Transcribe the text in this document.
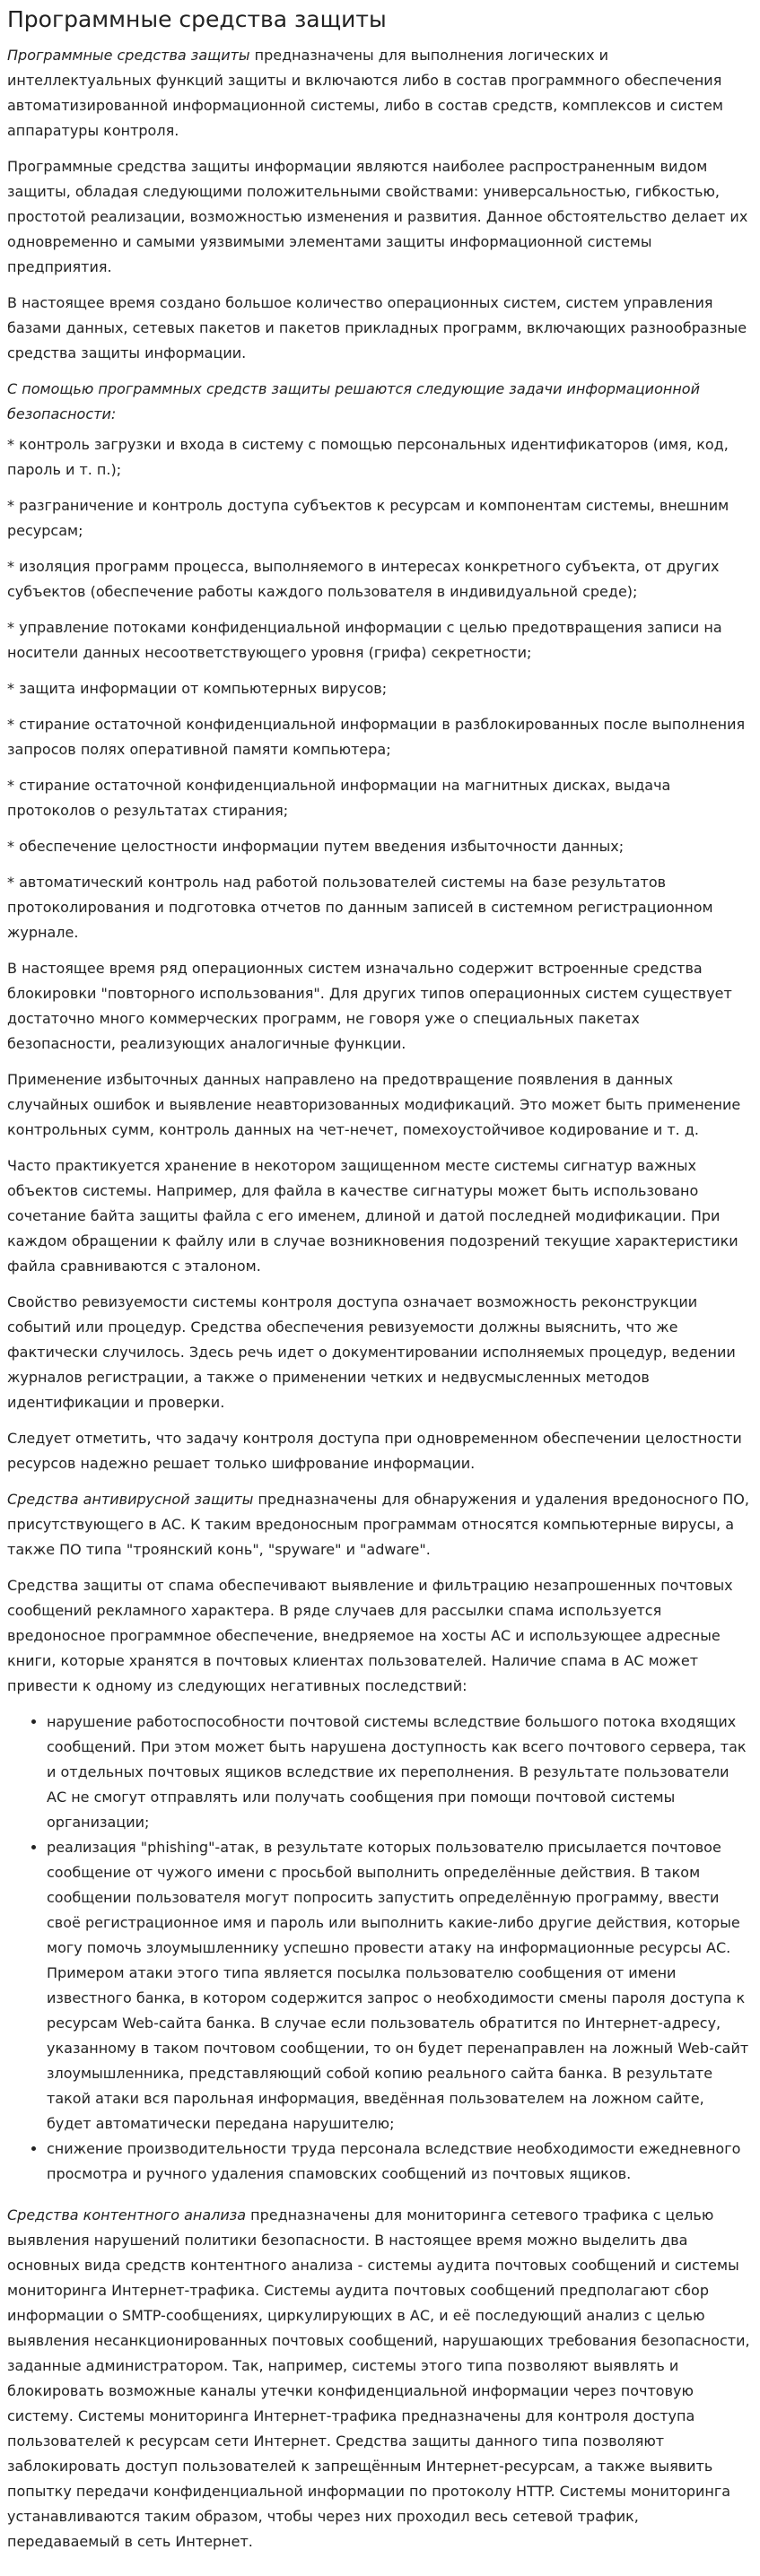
Программные средства защиты

Программные средства защиты предназначены для выполнения логических и интеллектуальных функций защиты и включаются либо в состав программного обеспечения автоматизированной информационной системы, либо в состав средств, комплексов и систем аппаратуры контроля.

Программные средства защиты информации являются наиболее распространенным видом защиты, обладая следующими положительными свойствами: универсальностью, гибкостью, простотой реализации, возможностью изменения и развития. Данное обстоятельство делает их одновременно и самыми уязвимыми элементами защиты информационной системы предприятия.

В настоящее время создано большое количество операционных систем, систем управления базами данных, сетевых пакетов и пакетов прикладных программ, включающих разнообразные средства защиты информации.

С помощью программных средств защиты решаются следующие задачи информационной безопасности:

* контроль загрузки и входа в систему с помощью персональных идентификаторов (имя, код, пароль и т. п.);

* разграничение и контроль доступа субъектов к ресурсам и компонентам системы, внешним ресурсам;

* изоляция программ процесса, выполняемого в интересах конкретного субъекта, от других субъектов (обеспечение работы каждого пользователя в индивидуальной среде);

* управление потоками конфиденциальной информации с целью предотвращения записи на носители данных несоответствующего уровня (грифа) секретности;

* защита информации от компьютерных вирусов;

* стирание остаточной конфиденциальной информации в разблокированных после выполнения запросов полях оперативной памяти компьютера;

* стирание остаточной конфиденциальной информации на магнитных дисках, выдача протоколов о результатах стирания;

* обеспечение целостности информации путем введения избыточности данных;

* автоматический контроль над работой пользователей системы на базе результатов протоколирования и подготовка отчетов по данным записей в системном регистрационном журнале.

В настоящее время ряд операционных систем изначально содержит встроенные средства блокировки "повторного использования". Для других типов операционных систем существует достаточно много коммерческих программ, не говоря уже о специальных пакетах безопасности, реализующих аналогичные функции.

Применение избыточных данных направлено на предотвращение появления в данных случайных ошибок и выявление неавторизованных модификаций. Это может быть применение контрольных сумм, контроль данных на чет-нечет, помехоустойчивое кодирование и т. д.

Часто практикуется хранение в некотором защищенном месте системы сигнатур важных объектов системы. Например, для файла в качестве сигнатуры может быть использовано сочетание байта защиты файла с его именем, длиной и датой последней модификации. При каждом обращении к файлу или в случае возникновения подозрений текущие характеристики файла сравниваются с эталоном.

Свойство ревизуемости системы контроля доступа означает возможность реконструкции событий или процедур. Средства обеспечения ревизуемости должны выяснить, что же фактически случилось. Здесь речь идет о документировании исполняемых процедур, ведении журналов регистрации, а также о применении четких и недвусмысленных методов идентификации и проверки.

Следует отметить, что задачу контроля доступа при одновременном обеспечении целостности ресурсов надежно решает только шифрование информации.

Средства антивирусной защиты предназначены для обнаружения и удаления вредоносного ПО, присутствующего в АС. К таким вредоносным программам относятся компьютерные вирусы, а также ПО типа "троянский конь", "spyware" и "adware".

Средства защиты от спама обеспечивают выявление и фильтрацию незапрошенных почтовых сообщений рекламного характера. В ряде случаев для рассылки спама используется вредоносное программное обеспечение, внедряемое на хосты АС и использующее адресные книги, которые хранятся в почтовых клиентах пользователей. Наличие спама в АС может привести к одному из следующих негативных последствий:

• нарушение работоспособности почтовой системы вследствие большого потока входящих сообщений. При этом может быть нарушена доступность как всего почтового сервера, так и отдельных почтовых ящиков вследствие их переполнения. В результате пользователи АС не смогут отправлять или получать сообщения при помощи почтовой системы организации;
• реализация "phishing"-атак, в результате которых пользователю присылается почтовое сообщение от чужого имени с просьбой выполнить определённые действия. В таком сообщении пользователя могут попросить запустить определённую программу, ввести своё регистрационное имя и пароль или выполнить какие-либо другие действия, которые могу помочь злоумышленнику успешно провести атаку на информационные ресурсы АС. Примером атаки этого типа является посылка пользователю сообщения от имени известного банка, в котором содержится запрос о необходимости смены пароля доступа к ресурсам Web-сайта банка. В случае если пользователь обратится по Интернет-адресу, указанному в таком почтовом сообщении, то он будет перенаправлен на ложный Web-сайт злоумышленника, представляющий собой копию реального сайта банка. В результате такой атаки вся парольная информация, введённая пользователем на ложном сайте, будет автоматически передана нарушителю;
• снижение производительности труда персонала вследствие необходимости ежедневного просмотра и ручного удаления спамовских сообщений из почтовых ящиков.

Средства контентного анализа предназначены для мониторинга сетевого трафика с целью выявления нарушений политики безопасности. В настоящее время можно выделить два основных вида средств контентного анализа - системы аудита почтовых сообщений и системы мониторинга Интернет-трафика. Системы аудита почтовых сообщений предполагают сбор информации о SMTP-сообщениях, циркулирующих в АС, и её последующий анализ с целью выявления несанкционированных почтовых сообщений, нарушающих требования безопасности, заданные администратором. Так, например, системы этого типа позволяют выявлять и блокировать возможные каналы утечки конфиденциальной информации через почтовую систему. Системы мониторинга Интернет-трафика предназначены для контроля доступа пользователей к ресурсам сети Интернет. Средства защиты данного типа позволяют заблокировать доступ пользователей к запрещённым Интернет-ресурсам, а также выявить попытку передачи конфиденциальной информации по протоколу HTTP. Системы мониторинга устанавливаются таким образом, чтобы через них проходил весь сетевой трафик, передаваемый в сеть Интернет.
